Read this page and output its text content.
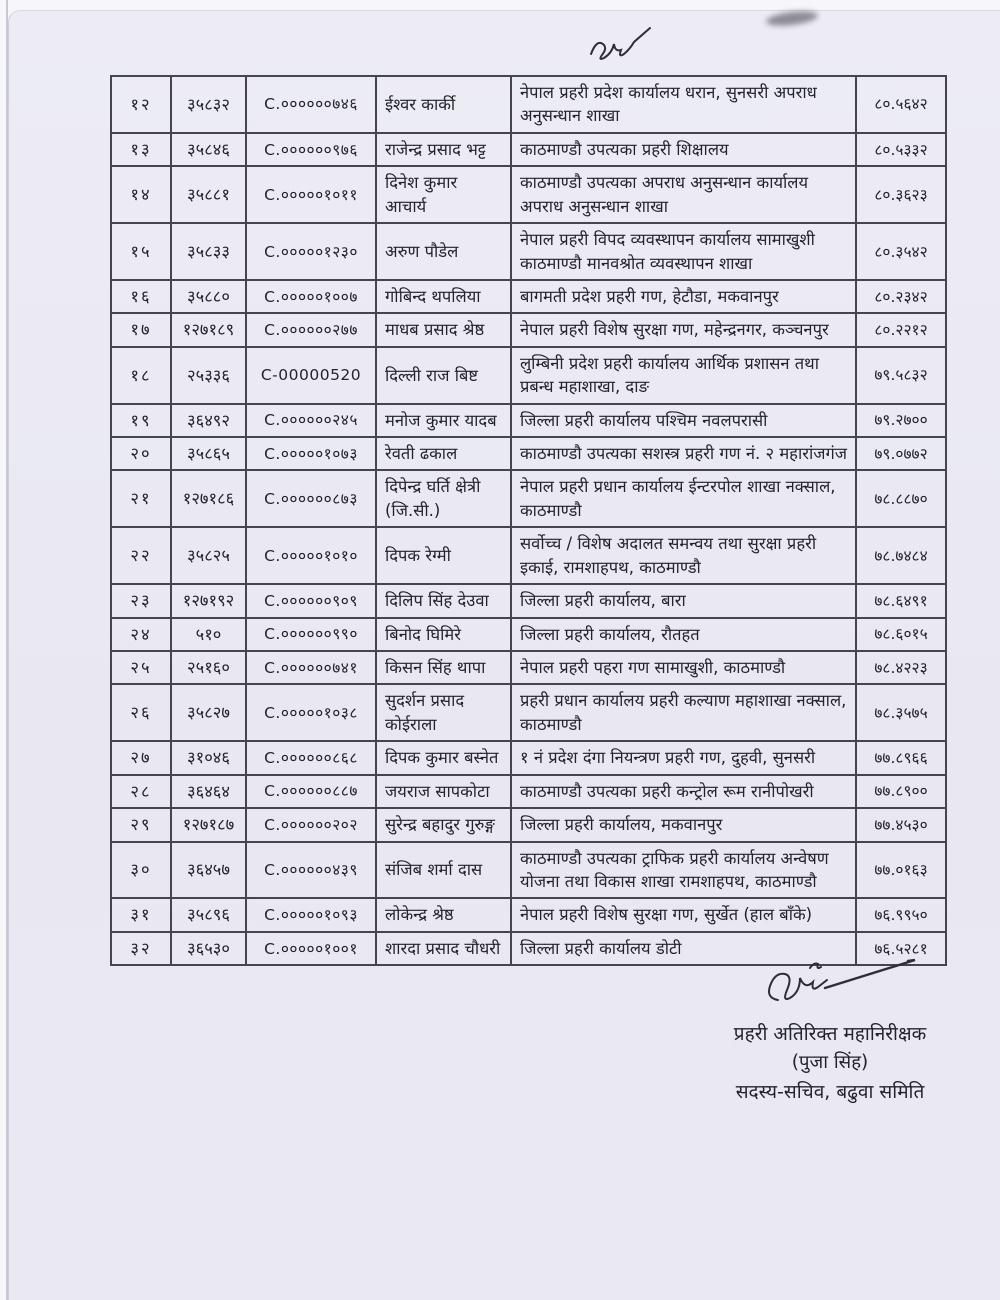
१२	३५८३२	C.००००००७४६	ईश्वर कार्की	नेपाल प्रहरी प्रदेश कार्यालय धरान, सुनसरी अपराध अनुसन्धान शाखा	८०.५६४२
१३	३५८४६	C.००००००९७६	राजेन्द्र प्रसाद भट्ट	काठमाण्डौ उपत्यका प्रहरी शिक्षालय	८०.५३३२
१४	३५८८१	C.०००००१०११	दिनेश कुमार आचार्य	काठमाण्डौ उपत्यका अपराध अनुसन्धान कार्यालय अपराध अनुसन्धान शाखा	८०.३६२३
१५	३५८३३	C.०००००१२३०	अरुण पौडेल	नेपाल प्रहरी विपद व्यवस्थापन कार्यालय सामाखुशी काठमाण्डौ मानवश्रोत व्यवस्थापन शाखा	८०.३५४२
१६	३५८८०	C.०००००१००७	गोबिन्द थपलिया	बागमती प्रदेश प्रहरी गण, हेटौडा, मकवानपुर	८०.२३४२
१७	१२७१८९	C.००००००२७७	माधब प्रसाद श्रेष्ठ	नेपाल प्रहरी विशेष सुरक्षा गण, महेन्द्रनगर, कञ्चनपुर	८०.२२१२
१८	२५३३६	C-00000520	दिल्ली राज बिष्ट	लुम्बिनी प्रदेश प्रहरी कार्यालय आर्थिक प्रशासन तथा प्रबन्ध महाशाखा, दाङ	७९.५८३२
१९	३६४९२	C.००००००२४५	मनोज कुमार यादब	जिल्ला प्रहरी कार्यालय पश्चिम नवलपरासी	७९.२७००
२०	३५८६५	C.०००००१०७३	रेवती ढकाल	काठमाण्डौ उपत्यका सशस्त्र प्रहरी गण नं. २ महारांजगंज	७९.०७७२
२१	१२७१८६	C.००००००८७३	दिपेन्द्र घर्ति क्षेत्री (जि.सी.)	नेपाल प्रहरी प्रधान कार्यालय ईन्टरपोल शाखा नक्साल, काठमाण्डौ	७८.८८७०
२२	३५८२५	C.०००००१०१०	दिपक रेग्मी	सर्वोच्च / विशेष अदालत समन्वय तथा सुरक्षा प्रहरी इकाई, रामशाहपथ, काठमाण्डौ	७८.७४८४
२३	१२७१९२	C.००००००९०९	दिलिप सिंह देउवा	जिल्ला प्रहरी कार्यालय, बारा	७८.६४९१
२४	५१०	C.००००००९९०	बिनोद घिमिरे	जिल्ला प्रहरी कार्यालय, रौतहत	७८.६०१५
२५	२५१६०	C.००००००७४१	किसन सिंह थापा	नेपाल प्रहरी पहरा गण सामाखुशी, काठमाण्डौ	७८.४२२३
२६	३५८२७	C.०००००१०३८	सुदर्शन प्रसाद कोईराला	प्रहरी प्रधान कार्यालय प्रहरी कल्याण महाशाखा नक्साल, काठमाण्डौ	७८.३५७५
२७	३१०४६	C.००००००८६८	दिपक कुमार बस्नेत	१ नं प्रदेश दंगा नियन्त्रण प्रहरी गण, दुहवी, सुनसरी	७७.८९६६
२८	३६४६४	C.००००००८८७	जयराज सापकोटा	काठमाण्डौ उपत्यका प्रहरी कन्ट्रोल रूम रानीपोखरी	७७.८९००
२९	१२७१८७	C.००००००२०२	सुरेन्द्र बहादुर गुरुङ्ग	जिल्ला प्रहरी कार्यालय, मकवानपुर	७७.४५३०
३०	३६४५७	C.००००००४३९	संजिब शर्मा दास	काठमाण्डौ उपत्यका ट्राफिक प्रहरी कार्यालय अन्वेषण योजना तथा विकास शाखा रामशाहपथ, काठमाण्डौ	७७.०१६३
३१	३५८९६	C.०००००१०९३	लोकेन्द्र श्रेष्ठ	नेपाल प्रहरी विशेष सुरक्षा गण, सुर्खेत (हाल बाँके)	७६.९९५०
३२	३६५३०	C.०००००१००१	शारदा प्रसाद चौधरी	जिल्ला प्रहरी कार्यालय डोटी	७६.५२८१
प्रहरी अतिरिक्त महानिरीक्षक
(पुजा सिंह)
सदस्य-सचिव, बढुवा समिति
